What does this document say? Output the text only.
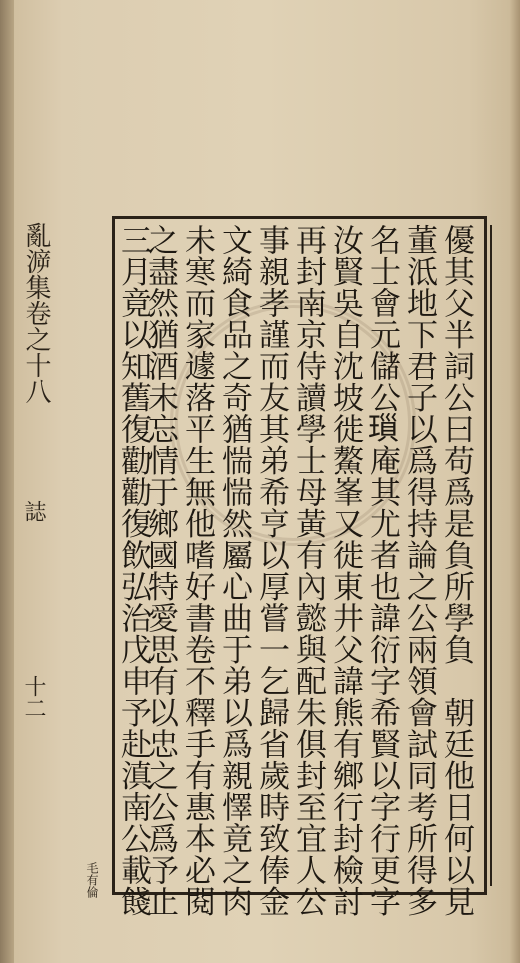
亂㴑集卷之十八
誌
十二
毛有倫	優其父半詞公曰苟爲是負所學負　朝廷他日何以見
董泜地下君子以爲得持論之公兩領會試同考所得多
名士會元儲公𤨏庵其尤者也諱衍字希賢以字行更字
汝賢吳自沈坡徙鰲峯又徙東井父諱熊有鄉行封檢討
再封南京侍讀學士母黃有內懿與配朱俱封至宜人公
事親孝謹而友其弟希亨以厚嘗一乞歸省歲時致俸金
文綺食品之奇猶惴惴然屬心曲于弟以爲親懌竟之肉
未寒而家遽落平生無他嗜好書卷不釋手有惠本必閱
之盡然猶酒未忘情于鄉國特愛思有以忠之公爲予止
三月竟以知舊復勸勸復飲弘治戊申予赴滇南公載餞
